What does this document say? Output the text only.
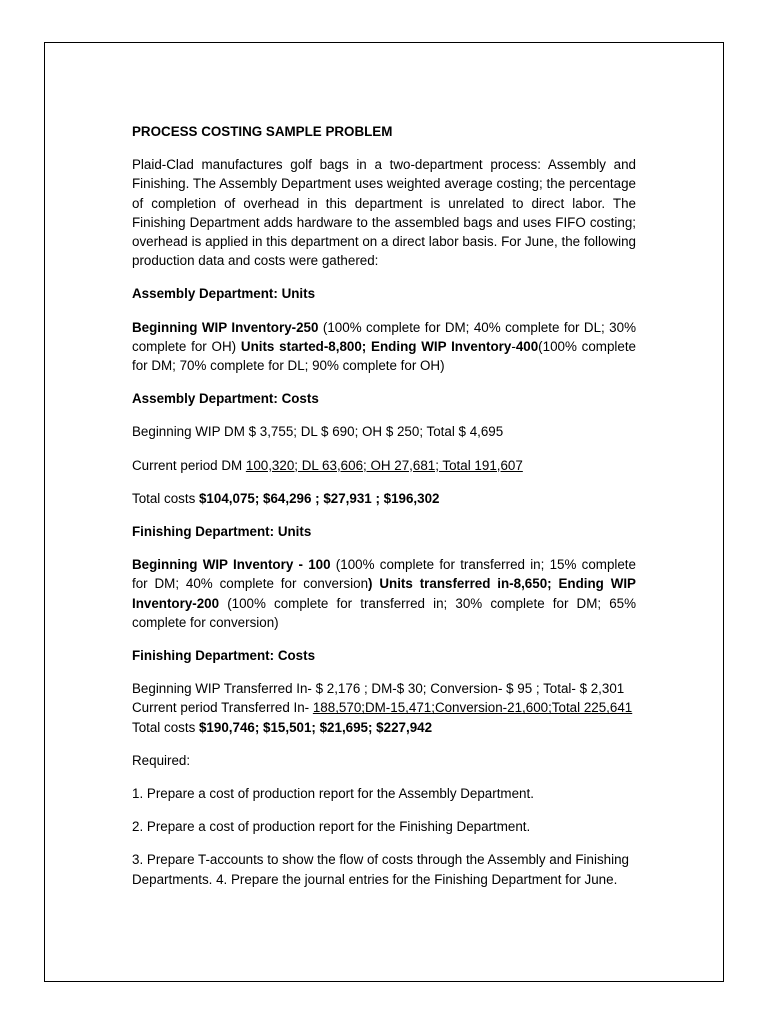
PROCESS COSTING SAMPLE PROBLEM

Plaid-Clad manufactures golf bags in a two-department process: Assembly and Finishing. The Assembly Department uses weighted average costing; the percentage of completion of overhead in this department is unrelated to direct labor. The Finishing Department adds hardware to the assembled bags and uses FIFO costing; overhead is applied in this department on a direct labor basis. For June, the following production data and costs were gathered:

Assembly Department: Units

Beginning WIP Inventory-250 (100% complete for DM; 40% complete for DL; 30% complete for OH) Units started-8,800; Ending WIP Inventory-400(100% complete for DM; 70% complete for DL; 90% complete for OH)

Assembly Department: Costs

Beginning WIP DM $ 3,755; DL $ 690; OH $ 250; Total $ 4,695

Current period DM 100,320; DL 63,606; OH 27,681; Total 191,607

Total costs $104,075; $64,296 ; $27,931 ; $196,302

Finishing Department: Units

Beginning WIP Inventory - 100 (100% complete for transferred in; 15% complete for DM; 40% complete for conversion) Units transferred in-8,650; Ending WIP Inventory-200 (100% complete for transferred in; 30% complete for DM; 65% complete for conversion)

Finishing Department: Costs

Beginning WIP Transferred In- $ 2,176 ; DM-$ 30; Conversion- $ 95 ; Total- $ 2,301

Current period Transferred In- 188,570;DM-15,471;Conversion-21,600;Total 225,641

Total costs $190,746; $15,501; $21,695; $227,942

Required:

1. Prepare a cost of production report for the Assembly Department.

2. Prepare a cost of production report for the Finishing Department.

3. Prepare T-accounts to show the flow of costs through the Assembly and Finishing Departments. 4. Prepare the journal entries for the Finishing Department for June.
